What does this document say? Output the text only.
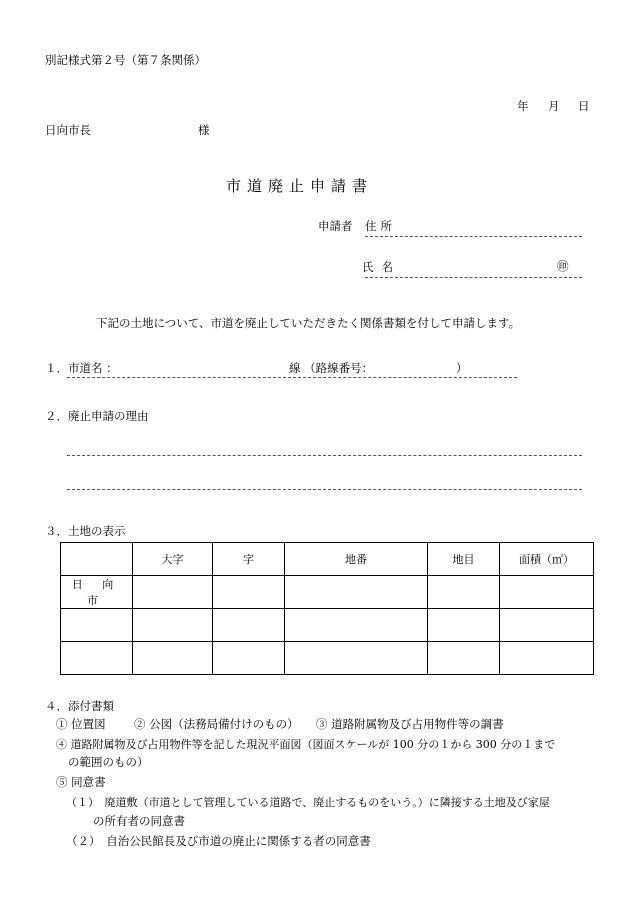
別記様式第２号（第７条関係）
年 月 日
日向市長	様
市道廃止申請書
申請者 住所
氏名	㊞
下記の土地について、市道を廃止していただきたく関係書類を付して申請します。
１．市道名 ：	線 （路線番号：	）
２．廃止申請の理由
３．土地の表示
	大字	字	地番	地目	面積（㎡）
日 向 市					

４．添付書類
① 位置図 ② 公図（法務局備付けのもの） ③ 道路附属物及び占用物件等の調書
④ 道路附属物及び占用物件等を記した現況平面図（図面スケールが 100 分の１から 300 分の１まで
の範囲のもの）
⑤ 同意書
（１）　廃道敷（市道として管理している道路で、廃止するものをいう。）に隣接する土地及び家屋
の所有者の同意書
（２）　自治公民館長及び市道の廃止に関係する者の同意書
